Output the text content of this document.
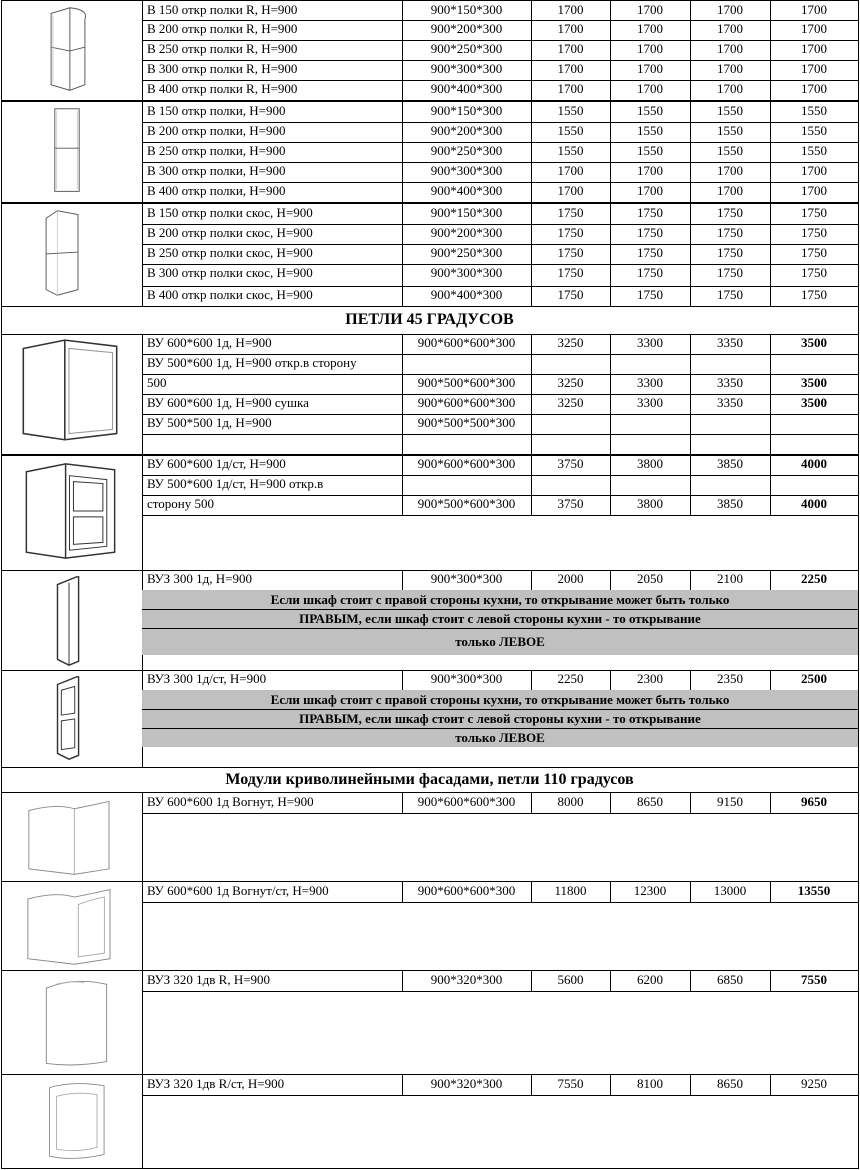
В 150 откр полки R, H=900	900*150*300	1700	1700	1700	1700
В 200 откр полки R, H=900	900*200*300	1700	1700	1700	1700
В 250 откр полки R, H=900	900*250*300	1700	1700	1700	1700
В 300 откр полки R, H=900	900*300*300	1700	1700	1700	1700
В 400 откр полки R, H=900	900*400*300	1700	1700	1700	1700
В 150 откр полки, H=900	900*150*300	1550	1550	1550	1550
В 200 откр полки, H=900	900*200*300	1550	1550	1550	1550
В 250 откр полки, H=900	900*250*300	1550	1550	1550	1550
В 300 откр полки, H=900	900*300*300	1700	1700	1700	1700
В 400 откр полки, H=900	900*400*300	1700	1700	1700	1700
В 150 откр полки скос, H=900	900*150*300	1750	1750	1750	1750
В 200 откр полки скос, H=900	900*200*300	1750	1750	1750	1750
В 250 откр полки скос, H=900	900*250*300	1750	1750	1750	1750
В 300 откр полки скос, H=900	900*300*300	1750	1750	1750	1750
В 400 откр полки скос, H=900	900*400*300	1750	1750	1750	1750
ВУ 600*600 1д, H=900	900*600*600*300	3250	3300	3350	3500
ВУ 500*600 1д, H=900 откр.в сторону
500	900*500*600*300	3250	3300	3350	3500
ВУ 600*600 1д, H=900 сушка	900*600*600*300	3250	3300	3350	3500
ВУ 500*500 1д, H=900	900*500*500*300
ВУ 600*600 1д/ст, H=900	900*600*600*300	3750	3800	3850	4000
ВУ 500*600 1д/ст, H=900 откр.в
сторону 500	900*500*600*300	3750	3800	3850	4000
ВУЗ 300 1д, H=900	900*300*300	2000	2050	2100	2250
ВУЗ 300 1д/ст, H=900	900*300*300	2250	2300	2350	2500
ВУ 600*600 1д Вогнут, H=900	900*600*600*300	8000	8650	9150	9650
ВУ 600*600 1д Вогнут/ст, H=900	900*600*600*300	11800	12300	13000	13550
ВУЗ 320 1дв R, H=900	900*320*300	5600	6200	6850	7550
ВУЗ 320 1дв R/ст, H=900	900*320*300	7550	8100	8650	9250
ПЕТЛИ 45 ГРАДУСОВ
Модули криволинейными фасадами, петли 110 градусов
Если шкаф стоит с правой стороны кухни, то открывание может быть только
ПРАВЫМ, если шкаф стоит с левой стороны кухни - то открывание
только ЛЕВОЕ
Если шкаф стоит с правой стороны кухни, то открывание может быть только
ПРАВЫМ, если шкаф стоит с левой стороны кухни - то открывание
только ЛЕВОЕ
